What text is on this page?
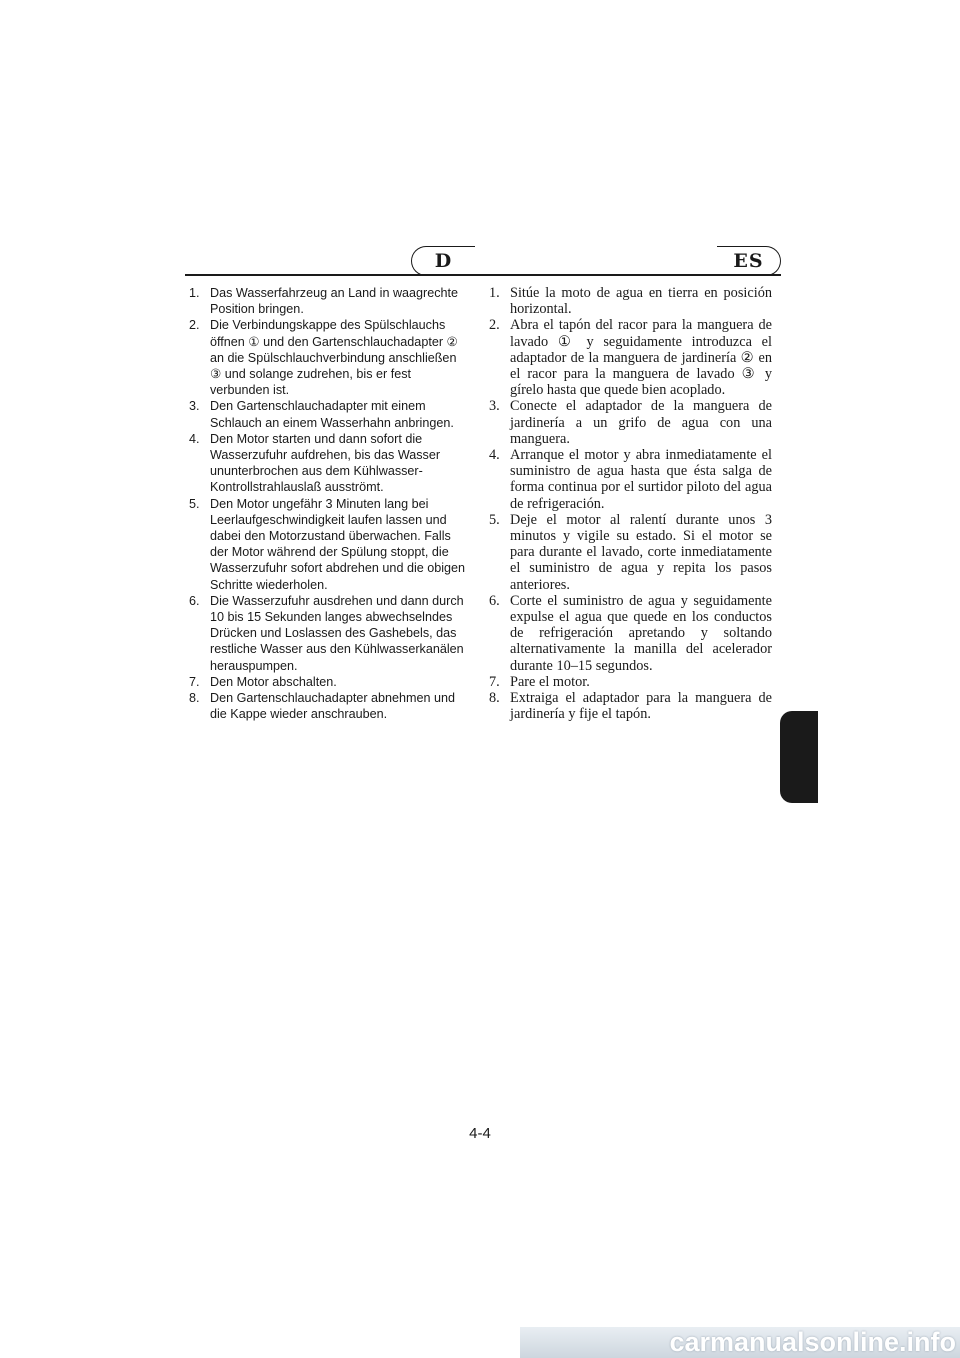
D	ES
1. Das Wasserfahrzeug an Land in waagrechte Position bringen.
2. Die Verbindungskappe des Spülschlauchs öffnen ① und den Gartenschlauchadapter ② an die Spülschlauchverbindung anschließen ③ und solange zudrehen, bis er fest verbunden ist.
3. Den Gartenschlauchadapter mit einem Schlauch an einem Wasserhahn anbringen.
4. Den Motor starten und dann sofort die Wasserzufuhr aufdrehen, bis das Wasser ununterbrochen aus dem Kühlwasser-Kontrollstrahlauslaß ausströmt.
5. Den Motor ungefähr 3 Minuten lang bei Leerlaufgeschwindigkeit laufen lassen und dabei den Motorzustand überwachen. Falls der Motor während der Spülung stoppt, die Wasserzufuhr sofort abdrehen und die obigen Schritte wiederholen.
6. Die Wasserzufuhr ausdrehen und dann durch 10 bis 15 Sekunden langes abwechselndes Drücken und Loslassen des Gashebels, das restliche Wasser aus den Kühlwasserkanälen herauspumpen.
7. Den Motor abschalten.
8. Den Gartenschlauchadapter abnehmen und die Kappe wieder anschrauben.
1. Sitúe la moto de agua en tierra en posición horizontal.
2. Abra el tapón del racor para la manguera de lavado ① y seguidamente introduzca el adaptador de la manguera de jardinería ② en el racor para la manguera de lavado ③ y gírelo hasta que quede bien acoplado.
3. Conecte el adaptador de la manguera de jardinería a un grifo de agua con una manguera.
4. Arranque el motor y abra inmediatamente el suministro de agua hasta que ésta salga de forma continua por el surtidor piloto del agua de refrigeración.
5. Deje el motor al ralentí durante unos 3 minutos y vigile su estado. Si el motor se para durante el lavado, corte inmediatamente el suministro de agua y repita los pasos anteriores.
6. Corte el suministro de agua y seguidamente expulse el agua que quede en los conductos de refrigeración apretando y soltando alternativamente la manilla del acelerador durante 10–15 segundos.
7. Pare el motor.
8. Extraiga el adaptador para la manguera de jardinería y fije el tapón.
4-4
carmanualsonline.info
